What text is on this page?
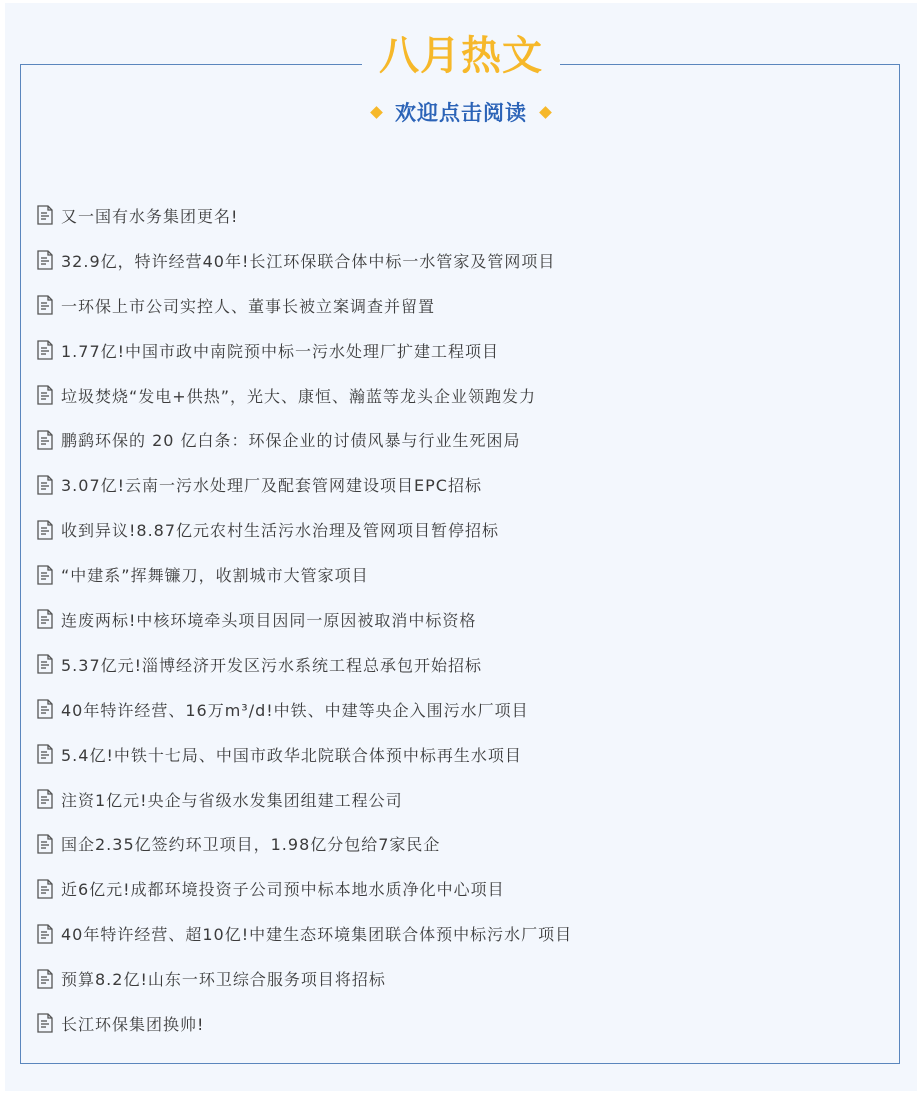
八月热文
欢迎点击阅读
又一国有水务集团更名!
32.9亿，特许经营40年!长江环保联合体中标一水管家及管网项目
一环保上市公司实控人、董事长被立案调查并留置
1.77亿!中国市政中南院预中标一污水处理厂扩建工程项目
垃圾焚烧“发电+供热”，光大、康恒、瀚蓝等龙头企业领跑发力
鹏鹞环保的 20 亿白条：环保企业的讨债风暴与行业生死困局
3.07亿!云南一污水处理厂及配套管网建设项目EPC招标
收到异议!8.87亿元农村生活污水治理及管网项目暂停招标
“中建系”挥舞镰刀，收割城市大管家项目
连废两标!中核环境牵头项目因同一原因被取消中标资格
5.37亿元!淄博经济开发区污水系统工程总承包开始招标
40年特许经营、16万m³/d!中铁、中建等央企入围污水厂项目
5.4亿!中铁十七局、中国市政华北院联合体预中标再生水项目
注资1亿元!央企与省级水发集团组建工程公司
国企2.35亿签约环卫项目，1.98亿分包给7家民企
近6亿元!成都环境投资子公司预中标本地水质净化中心项目
40年特许经营、超10亿!中建生态环境集团联合体预中标污水厂项目
预算8.2亿!山东一环卫综合服务项目将招标
长江环保集团换帅!
